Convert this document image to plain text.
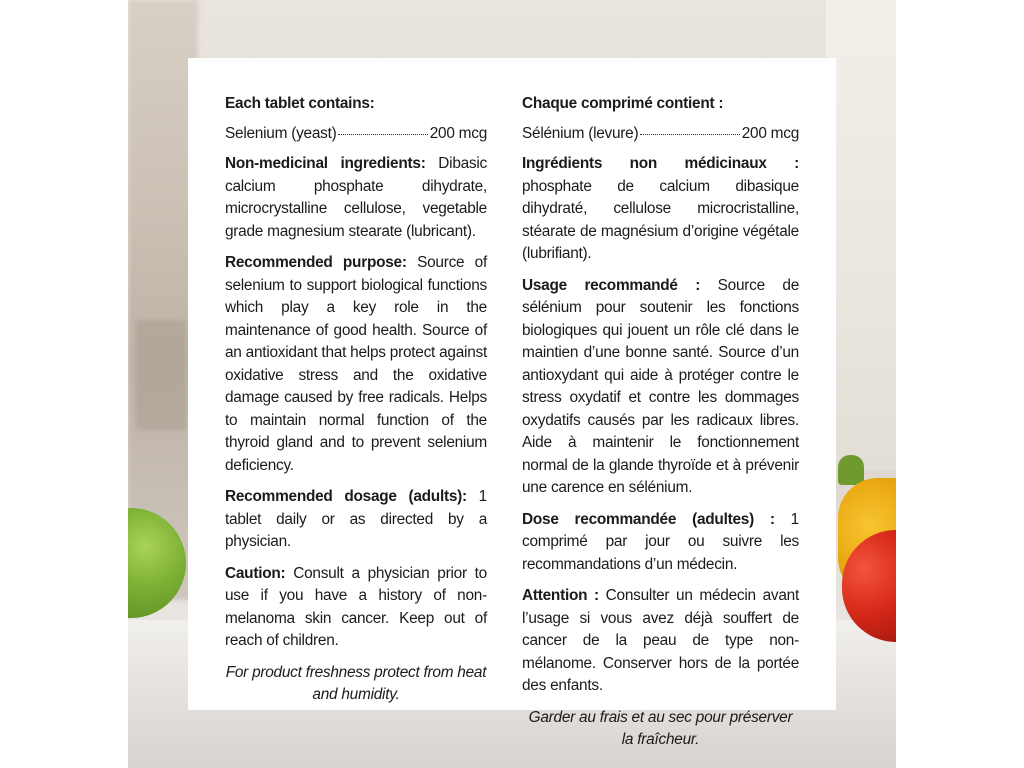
Each tablet contains:
Selenium (yeast)	200 mcg
Non-medicinal ingredients: Dibasic calcium phosphate dihydrate, microcrystalline cellulose, vegetable grade magnesium stearate (lubricant).
Recommended purpose: Source of selenium to support biological functions which play a key role in the maintenance of good health. Source of an antioxidant that helps protect against oxidative stress and the oxidative damage caused by free radicals. Helps to maintain normal function of the thyroid gland and to prevent selenium deficiency.
Recommended dosage (adults): 1 tablet daily or as directed by a physician.
Caution: Consult a physician prior to use if you have a history of non-melanoma skin cancer. Keep out of reach of children.
For product freshness protect from heat and humidity.
Chaque comprimé contient :
Sélénium (levure)	200 mcg
Ingrédients non médicinaux : phosphate de calcium dibasique dihydraté, cellulose microcristalline, stéarate de magnésium d’origine végétale (lubrifiant).
Usage recommandé : Source de sélénium pour soutenir les fonctions biologiques qui jouent un rôle clé dans le maintien d’une bonne santé. Source d’un antioxydant qui aide à protéger contre le stress oxydatif et contre les dommages oxydatifs causés par les radicaux libres. Aide à maintenir le fonctionnement normal de la glande thyroïde et à prévenir une carence en sélénium.
Dose recommandée (adultes) : 1 comprimé par jour ou suivre les recommandations d’un médecin.
Attention : Consulter un médecin avant l’usage si vous avez déjà souffert de cancer de la peau de type non-mélanome. Conserver hors de la portée des enfants.
Garder au frais et au sec pour préserver la fraîcheur.
